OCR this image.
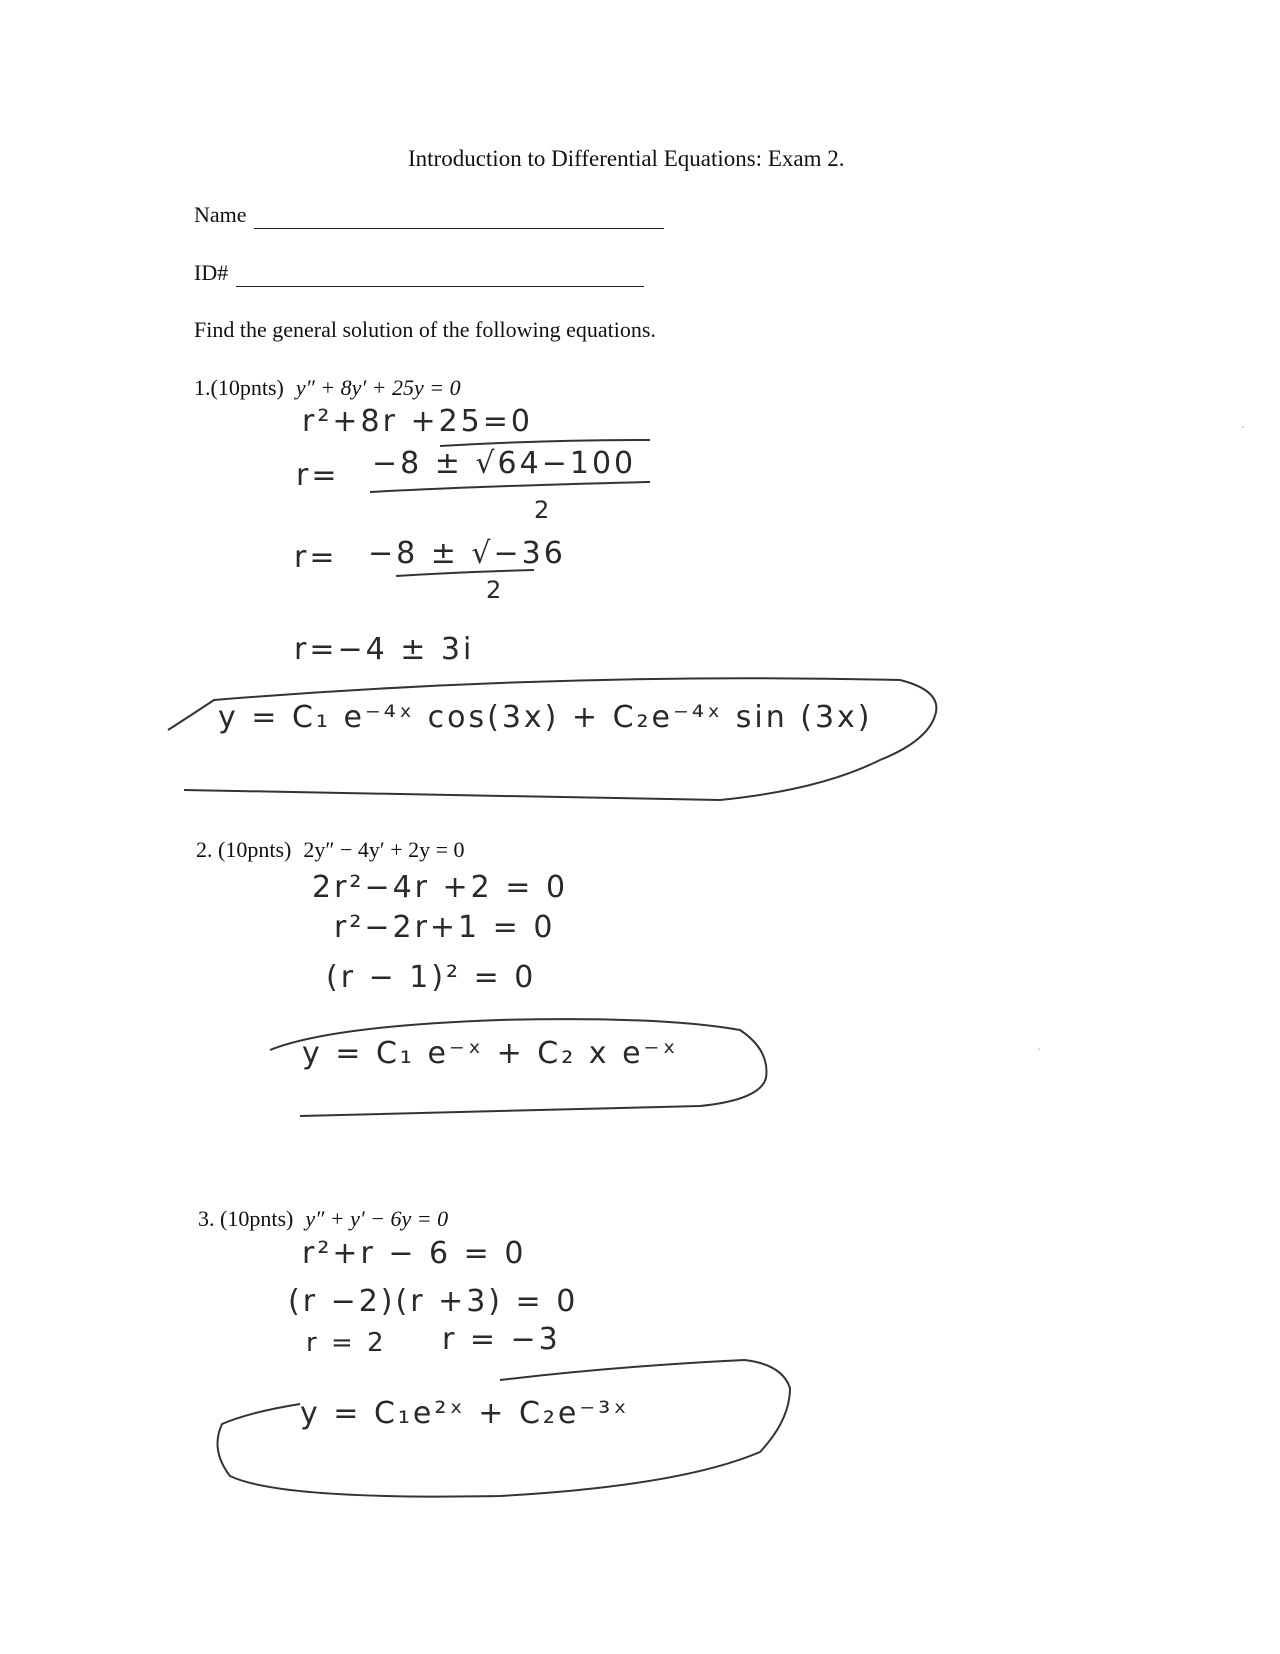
Introduction to Differential Equations: Exam 2.
Name
ID#
Find the general solution of the following equations.
1.(10pnts) y″ + 8y′ + 25y = 0
r²+8r +25=0
r= −8 ± √64−100
2
r= −8 ± √−36
2
r=−4 ± 3i
y = C₁ e⁻⁴ˣ cos(3x) + C₂e⁻⁴ˣ sin (3x)
2. (10pnts) 2y″ − 4y′ + 2y = 0
2r²−4r +2 = 0
r²−2r+1 = 0
(r − 1)² = 0
y = C₁ e⁻ˣ + C₂ x e⁻ˣ
3. (10pnts) y″ + y′ − 6y = 0
r²+r − 6 = 0
(r −2)(r +3) = 0
r = 2 r = −3
y = C₁e²ˣ + C₂e⁻³ˣ
